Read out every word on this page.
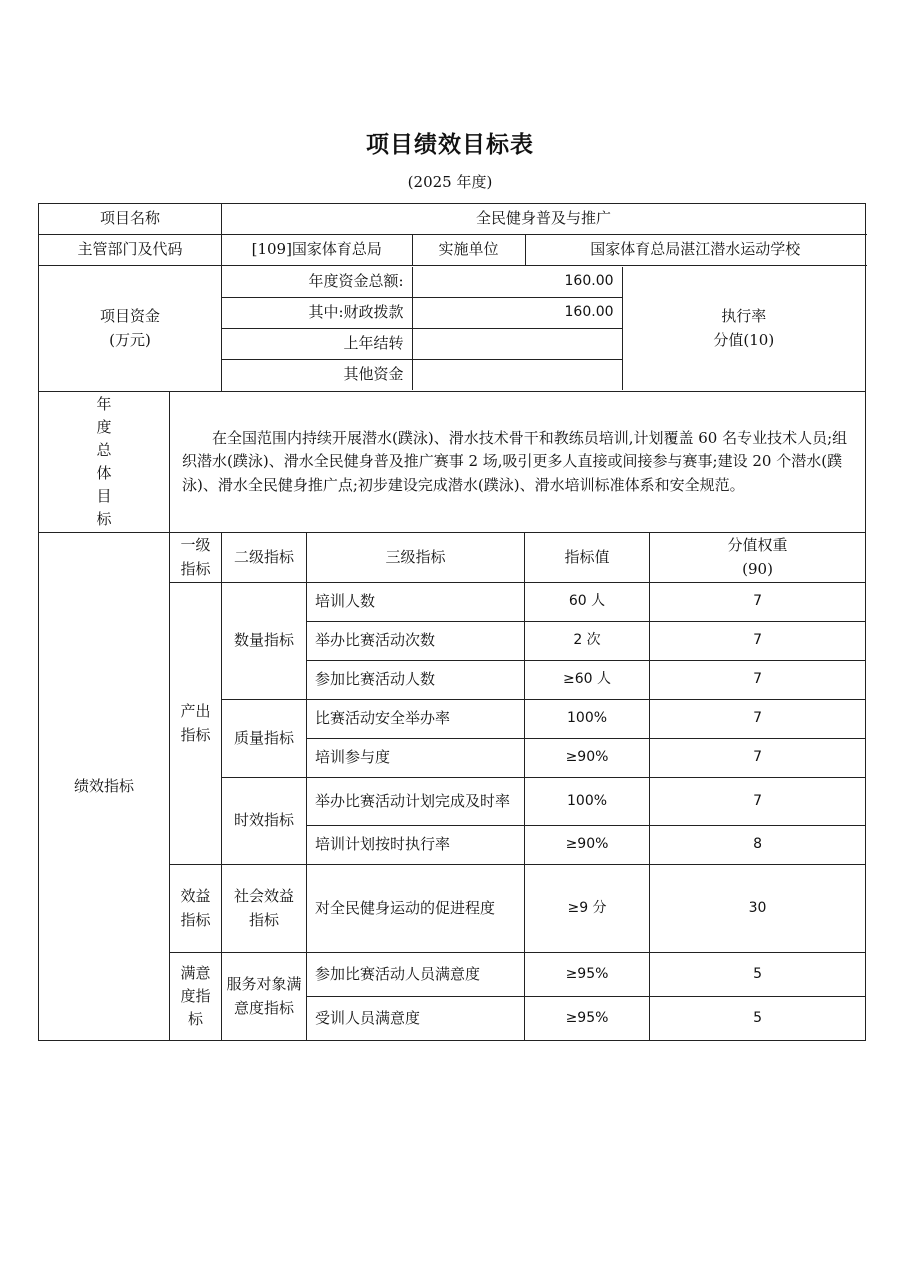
项目绩效目标表
(2025 年度)
项目名称	全民健身普及与推广
主管部门及代码		[109]国家体育总局	实施单位	国家体育总局湛江潜水运动学校

项目资金
(万元)	
年度资金总额:	160.00	执行率
分值(10)
其中:财政拨款	160.00
上年结转	
其他资金	

年
度
总
体
目
标
	在全国范围内持续开展潜水(蹼泳)、滑水技术骨干和教练员培训,计划覆盖 60 名专业技术人员;组织潜水(蹼泳)、滑水全民健身普及推广赛事 2 场,吸引更多人直接或间接参与赛事;建设 20 个潜水(蹼泳)、滑水全民健身推广点;初步建设完成潜水(蹼泳)、滑水培训标准体系和安全规范。
绩效指标	一级指标	二级指标	三级指标	指标值	分值权重
(90)
产出指标	数量指标	培训人数	60 人	7
举办比赛活动次数	2 次	7
参加比赛活动人数	≥60 人	7
质量指标	比赛活动安全举办率	100%	7
培训参与度	≥90%	7
时效指标	举办比赛活动计划完成及时率	100%	7
培训计划按时执行率	≥90%	8
效益指标	社会效益指标	对全民健身运动的促进程度	≥9 分	30
满意度指标	服务对象满意度指标	参加比赛活动人员满意度	≥95%	5
受训人员满意度	≥95%	5
